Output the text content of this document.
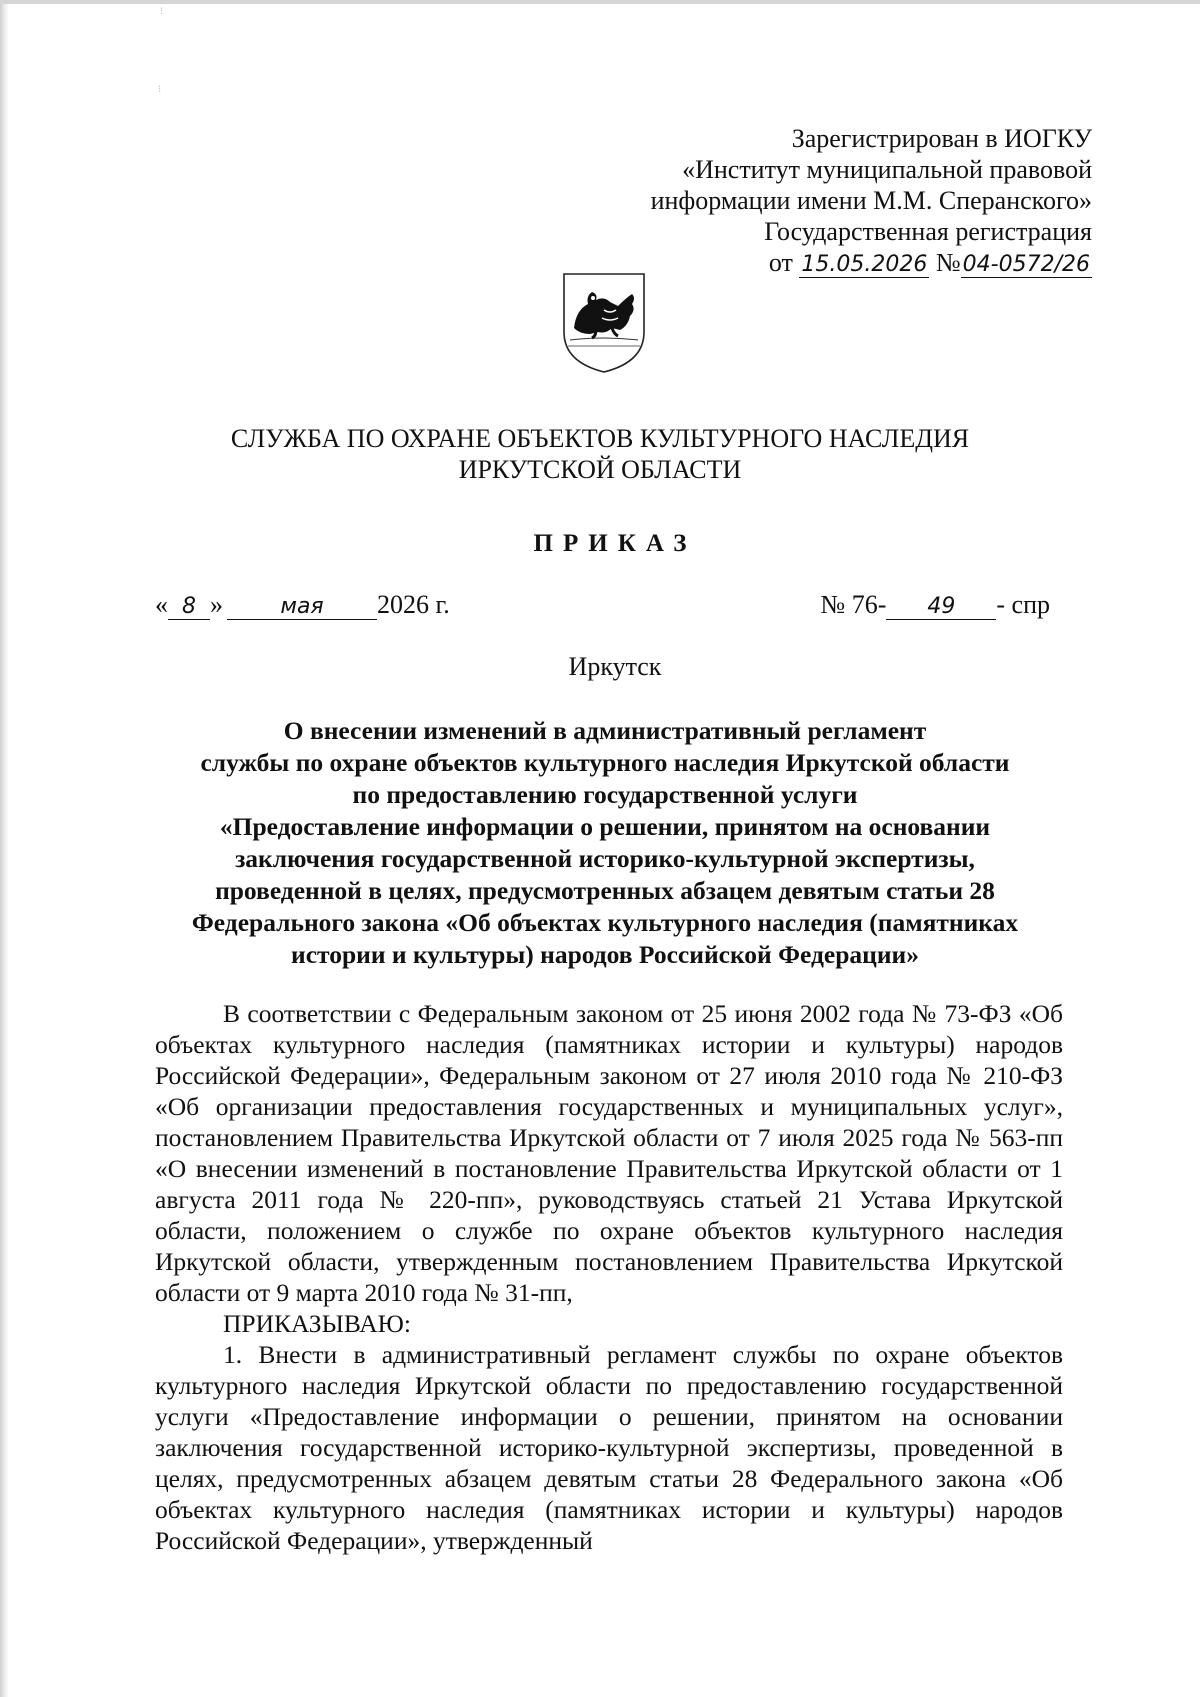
⁝
⁝
Зарегистрирован в ИОГКУ
«Институт муниципальной правовой
информации имени М.М. Сперанского»
Государственная регистрация
от 15.05.2026 №04-0572/26
СЛУЖБА ПО ОХРАНЕ ОБЪЕКТОВ КУЛЬТУРНОГО НАСЛЕДИЯ
ИРКУТСКОЙ ОБЛАСТИ
ПРИКАЗ
« 8 »	мая 2026 г.	№ 76- 49 - спр
Иркутск
О внесении изменений в административный регламент
службы по охране объектов культурного наследия Иркутской области
по предоставлению государственной услуги
«Предоставление информации о решении, принятом на основании
заключения государственной историко-культурной экспертизы,
проведенной в целях, предусмотренных абзацем девятым статьи 28
Федерального закона «Об объектах культурного наследия (памятниках
истории и культуры) народов Российской Федерации»

В соответствии с Федеральным законом от 25 июня 2002 года № 73-ФЗ «Об объектах культурного наследия (памятниках истории и культуры) народов Российской Федерации», Федеральным законом от 27 июля 2010 года № 210-ФЗ «Об организации предоставления государственных и муниципальных услуг», постановлением Правительства Иркутской области от 7 июля 2025 года № 563-пп «О внесении изменений в постановление Правительства Иркутской области от 1 августа 2011 года № 220-пп», руководствуясь статьей 21 Устава Иркутской области, положением о службе по охране объектов культурного наследия Иркутской области, утвержденным постановлением Правительства Иркутской области от 9 марта 2010 года № 31-пп,

ПРИКАЗЫВАЮ:

1. Внести в административный регламент службы по охране объектов культурного наследия Иркутской области по предоставлению государственной услуги «Предоставление информации о решении, принятом на основании заключения государственной историко-культурной экспертизы, проведенной в целях, предусмотренных абзацем девятым статьи 28 Федерального закона «Об объектах культурного наследия (памятниках истории и культуры) народов Российской Федерации», утвержденный
